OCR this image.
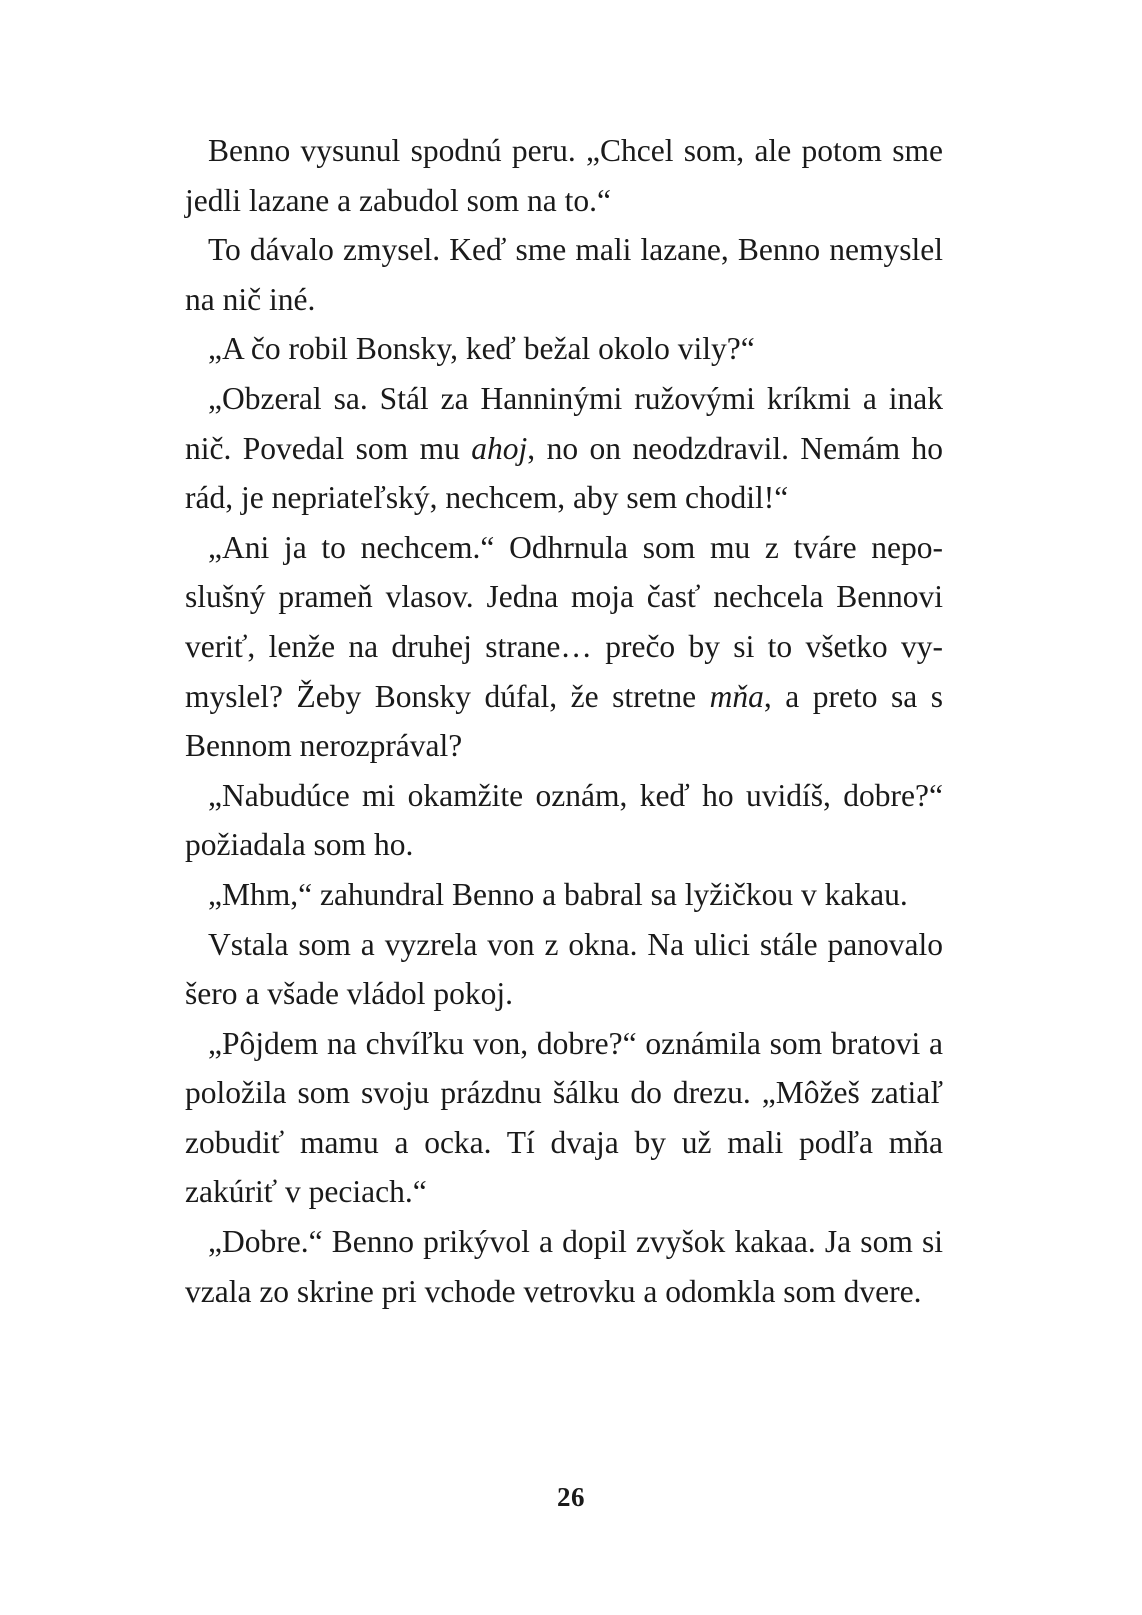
Benno vysunul spodnú peru. „Chcel som, ale potom sme jedli lazane a zabudol som na to.“

To dávalo zmysel. Keď sme mali lazane, Benno nemyslel na nič iné.

„A čo robil Bonsky, keď bežal okolo vily?“

„Obzeral sa. Stál za Hanninými ružovými kríkmi a inak nič. Povedal som mu ahoj, no on neodzdravil. Nemám ho rád, je nepriateľský, nechcem, aby sem chodil!“

„Ani ja to nechcem.“ Odhrnula som mu z tváre neposlušný prameň vlasov. Jedna moja časť nechcela Bennovi veriť, lenže na druhej strane… prečo by si to všetko vymyslel? Žeby Bonsky dúfal, že stretne mňa, a preto sa s Bennom nerozprával?

„Nabudúce mi okamžite oznám, keď ho uvidíš, dobre?“ požiadala som ho.

„Mhm,“ zahundral Benno a babral sa lyžičkou v kakau.

Vstala som a vyzrela von z okna. Na ulici stále panovalo šero a všade vládol pokoj.

„Pôjdem na chvíľku von, dobre?“ oznámila som bratovi a položila som svoju prázdnu šálku do drezu. „Môžeš zatiaľ zobudiť mamu a ocka. Tí dvaja by už mali podľa mňa zakúriť v peciach.“

„Dobre.“ Benno prikývol a dopil zvyšok kakaa. Ja som si vzala zo skrine pri vchode vetrovku a odomkla som dvere.

26
